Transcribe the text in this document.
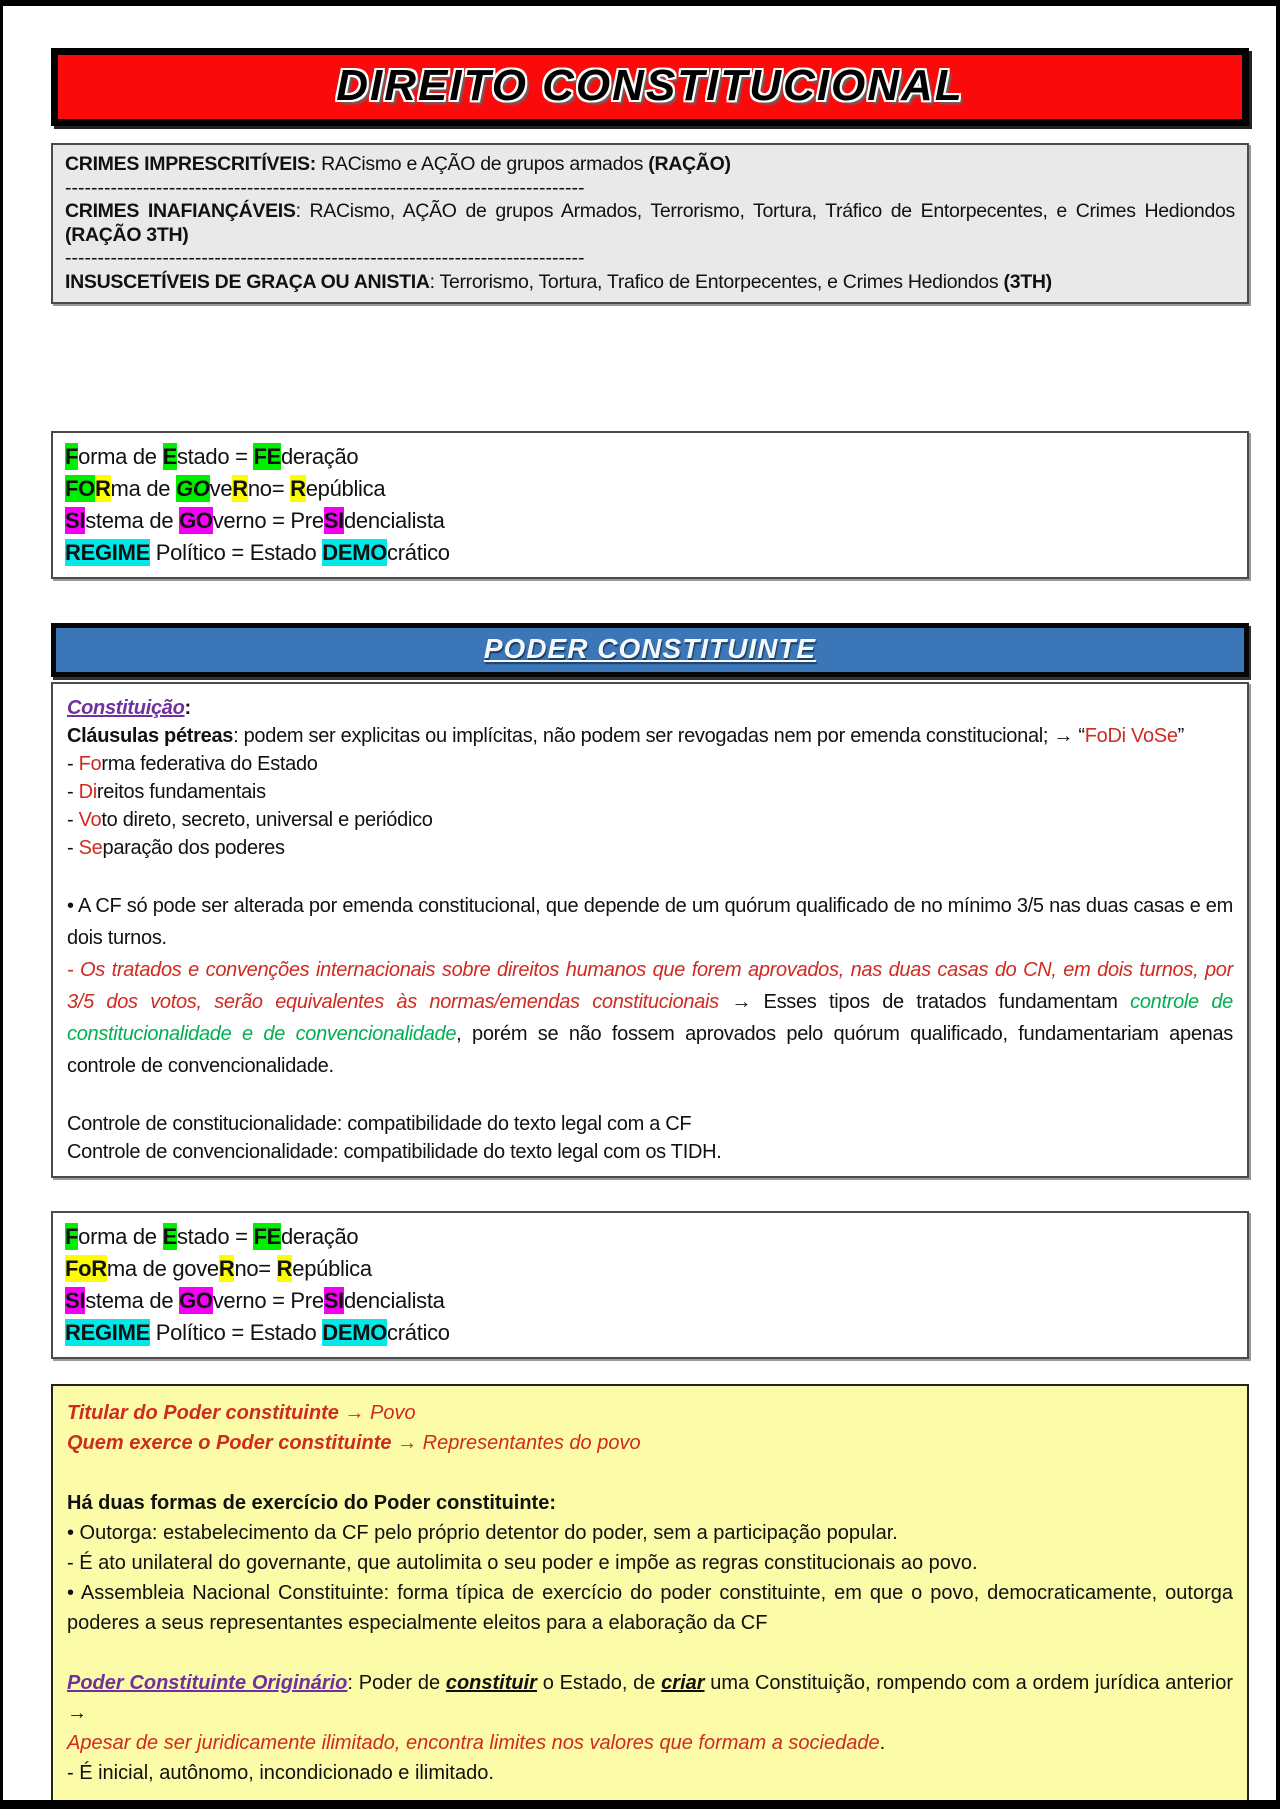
DIREITO CONSTITUCIONAL
CRIMES IMPRESCRITÍVEIS: RACismo e AÇÃO de grupos armados (RAÇÃO)
--------------------------------------------------------------------------------
CRIMES INAFIANÇÁVEIS: RACismo, AÇÃO de grupos Armados, Terrorismo, Tortura, Tráfico de Entorpecentes, e Crimes Hediondos (RAÇÃO 3TH)
--------------------------------------------------------------------------------
INSUSCETÍVEIS DE GRAÇA OU ANISTIA: Terrorismo, Tortura, Trafico de Entorpecentes, e Crimes Hediondos (3TH)
Forma de Estado = FEderação
FORma de GOveRno= República
SIstema de GOverno = PreSIdencialista
REGIME Político = Estado DEMOcrático
PODER CONSTITUINTE
Constituição:
Cláusulas pétreas: podem ser explicitas ou implícitas, não podem ser revogadas nem por emenda constitucional; → “FoDi VoSe”
- Forma federativa do Estado
- Direitos fundamentais
- Voto direto, secreto, universal e periódico
- Separação dos poderes

• A CF só pode ser alterada por emenda constitucional, que depende de um quórum qualificado de no mínimo 3/5 nas duas casas e em dois turnos.
- Os tratados e convenções internacionais sobre direitos humanos que forem aprovados, nas duas casas do CN, em dois turnos, por 3/5 dos votos, serão equivalentes às normas/emendas constitucionais → Esses tipos de tratados fundamentam controle de constitucionalidade e de convencionalidade, porém se não fossem aprovados pelo quórum qualificado, fundamentariam apenas controle de convencionalidade.

Controle de constitucionalidade: compatibilidade do texto legal com a CF
Controle de convencionalidade: compatibilidade do texto legal com os TIDH.
Forma de Estado = FEderação
FoRma de goveRno= República
SIstema de GOverno = PreSIdencialista
REGIME Político = Estado DEMOcrático
Titular do Poder constituinte → Povo
Quem exerce o Poder constituinte → Representantes do povo

Há duas formas de exercício do Poder constituinte:
• Outorga: estabelecimento da CF pelo próprio detentor do poder, sem a participação popular.
- É ato unilateral do governante, que autolimita o seu poder e impõe as regras constitucionais ao povo.
• Assembleia Nacional Constituinte: forma típica de exercício do poder constituinte, em que o povo, democraticamente, outorga poderes a seus representantes especialmente eleitos para a elaboração da CF

Poder Constituinte Originário: Poder de constituir o Estado, de criar uma Constituição, rompendo com a ordem jurídica anterior →
Apesar de ser juridicamente ilimitado, encontra limites nos valores que formam a sociedade.
- É inicial, autônomo, incondicionado e ilimitado.
